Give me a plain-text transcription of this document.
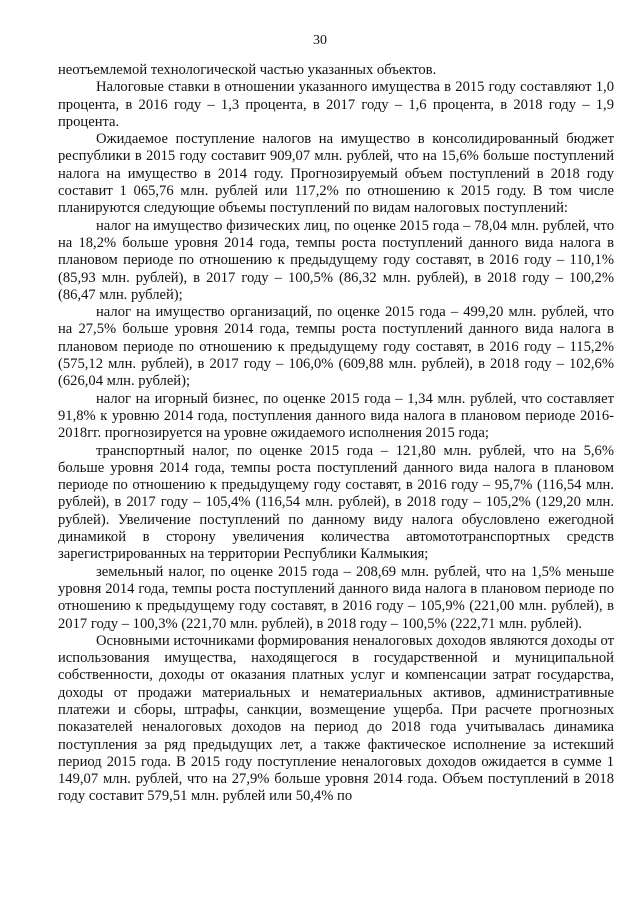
30

неотъемлемой технологической частью указанных объектов.

Налоговые ставки в отношении указанного имущества в 2015 году составляют 1,0 процента, в 2016 году – 1,3 процента, в 2017 году – 1,6 процента, в 2018 году – 1,9 процента.

Ожидаемое поступление налогов на имущество в консолидированный бюджет республики в 2015 году составит 909,07 млн. рублей, что на 15,6% больше поступлений налога на имущество в 2014 году. Прогнозируемый объем поступлений в 2018 году составит 1 065,76 млн. рублей или 117,2% по отношению к 2015 году. В том числе планируются следующие объемы поступлений по видам налоговых поступлений:

налог на имущество физических лиц, по оценке 2015 года – 78,04 млн. рублей, что на 18,2% больше уровня 2014 года, темпы роста поступлений данного вида налога в плановом периоде по отношению к предыдущему году составят, в 2016 году – 110,1% (85,93 млн. рублей), в 2017 году – 100,5% (86,32 млн. рублей), в 2018 году – 100,2% (86,47 млн. рублей);

налог на имущество организаций, по оценке 2015 года – 499,20 млн. рублей, что на 27,5% больше уровня 2014 года, темпы роста поступлений данного вида налога в плановом периоде по отношению к предыдущему году составят, в 2016 году – 115,2% (575,12 млн. рублей), в 2017 году – 106,0% (609,88 млн. рублей), в 2018 году – 102,6% (626,04 млн. рублей);

налог на игорный бизнес, по оценке 2015 года – 1,34 млн. рублей, что составляет 91,8% к уровню 2014 года, поступления данного вида налога в плановом периоде 2016-2018гг. прогнозируется на уровне ожидаемого исполнения 2015 года;

транспортный налог, по оценке 2015 года – 121,80 млн. рублей, что на 5,6% больше уровня 2014 года, темпы роста поступлений данного вида налога в плановом периоде по отношению к предыдущему году составят, в 2016 году – 95,7% (116,54 млн. рублей), в 2017 году – 105,4% (116,54 млн. рублей), в 2018 году – 105,2% (129,20 млн. рублей). Увеличение поступлений по данному виду налога обусловлено ежегодной динамикой в сторону увеличения количества автомототранспортных средств зарегистрированных на территории Республики Калмыкия;

земельный налог, по оценке 2015 года – 208,69 млн. рублей, что на 1,5% меньше уровня 2014 года, темпы роста поступлений данного вида налога в плановом периоде по отношению к предыдущему году составят, в 2016 году – 105,9% (221,00 млн. рублей), в 2017 году – 100,3% (221,70 млн. рублей), в 2018 году – 100,5% (222,71 млн. рублей).

Основными источниками формирования неналоговых доходов являются доходы от использования имущества, находящегося в государственной и муниципальной собственности, доходы от оказания платных услуг и компенсации затрат государства, доходы от продажи материальных и нематериальных активов, административные платежи и сборы, штрафы, санкции, возмещение ущерба. При расчете прогнозных показателей неналоговых доходов на период до 2018 года учитывалась динамика поступления за ряд предыдущих лет, а также фактическое исполнение за истекший период 2015 года. В 2015 году поступление неналоговых доходов ожидается в сумме 1 149,07 млн. рублей, что на 27,9% больше уровня 2014 года. Объем поступлений в 2018 году составит 579,51 млн. рублей или 50,4% по
